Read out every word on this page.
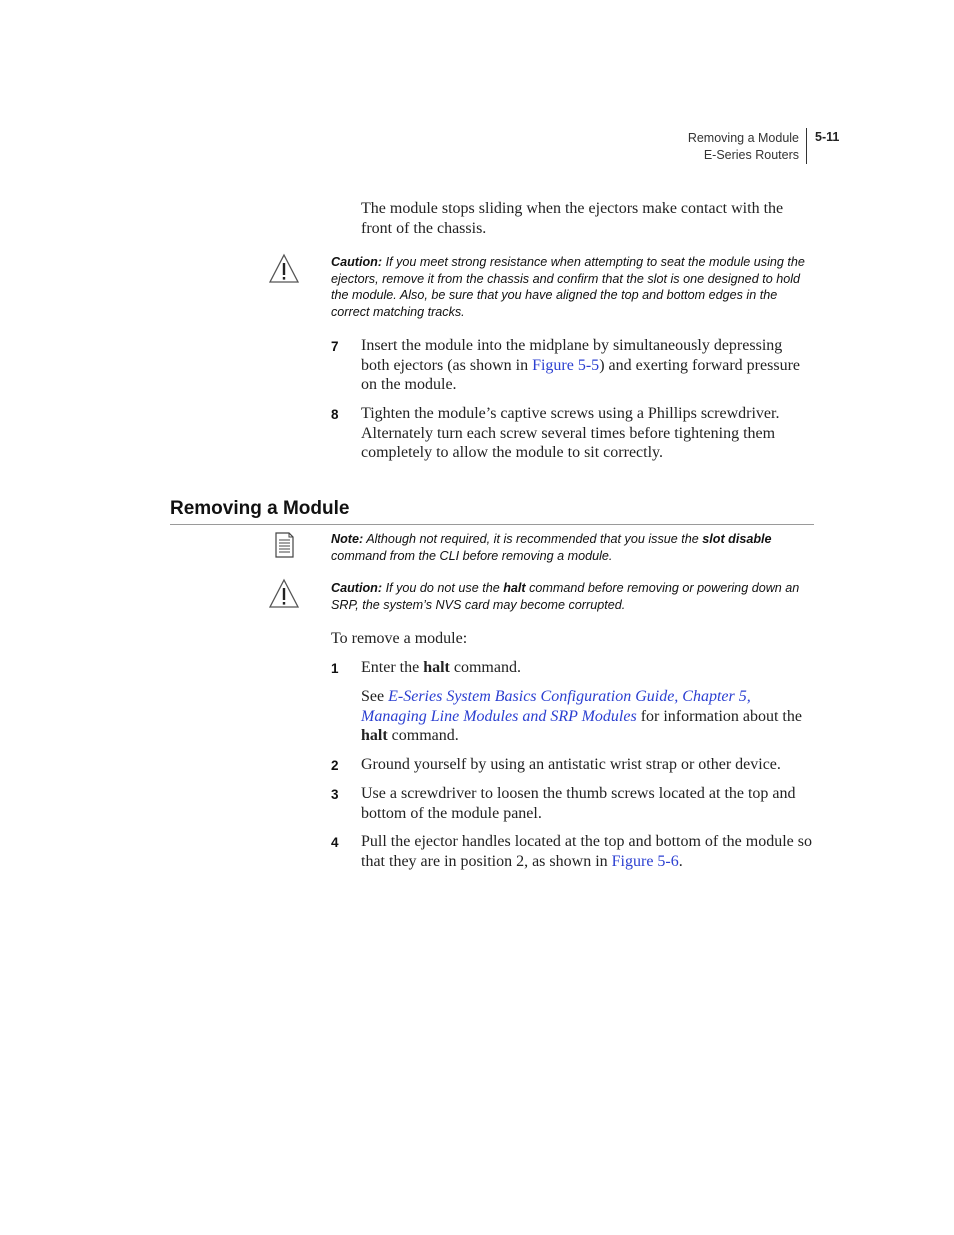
Removing a Module
E-Series Routers
5-11
The module stops sliding when the ejectors make contact with the front of the chassis.
Caution: If you meet strong resistance when attempting to seat the module using the ejectors, remove it from the chassis and confirm that the slot is one designed to hold the module. Also, be sure that you have aligned the top and bottom edges in the correct matching tracks.
7 Insert the module into the midplane by simultaneously depressing both ejectors (as shown in Figure 5-5) and exerting forward pressure on the module.
8 Tighten the module’s captive screws using a Phillips screwdriver. Alternately turn each screw several times before tightening them completely to allow the module to sit correctly.
Removing a Module
Note: Although not required, it is recommended that you issue the slot disable command from the CLI before removing a module.
Caution: If you do not use the halt command before removing or powering down an SRP, the system’s NVS card may become corrupted.
To remove a module:
1 Enter the halt command.
See E-Series System Basics Configuration Guide, Chapter 5, Managing Line Modules and SRP Modules for information about the halt command.
2 Ground yourself by using an antistatic wrist strap or other device.
3 Use a screwdriver to loosen the thumb screws located at the top and bottom of the module panel.
4 Pull the ejector handles located at the top and bottom of the module so that they are in position 2, as shown in Figure 5-6.
